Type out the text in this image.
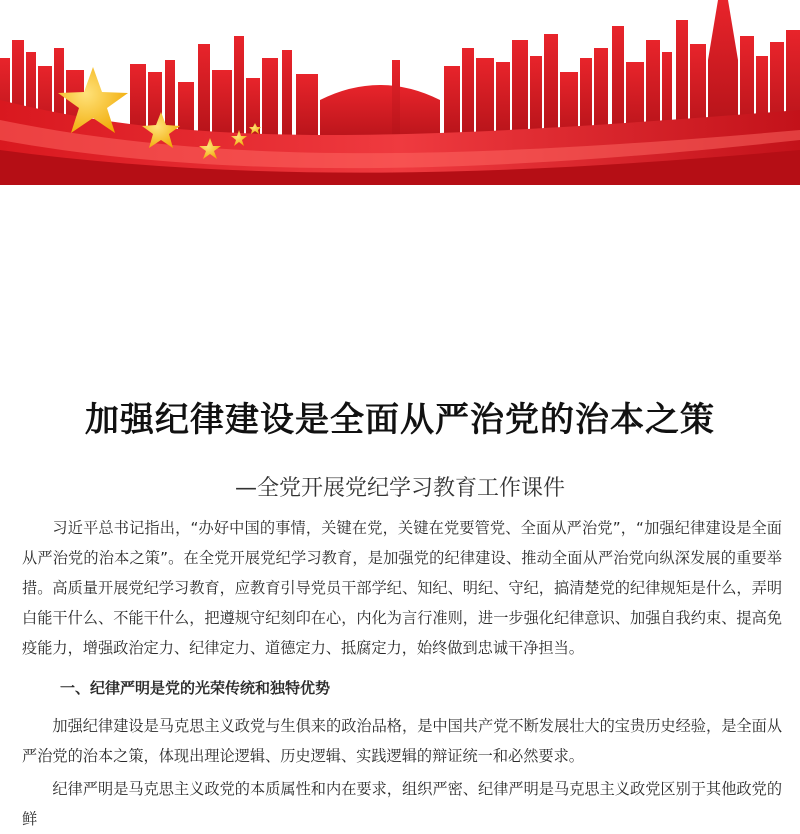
加强纪律建设是全面从严治党的治本之策
—全党开展党纪学习教育工作课件

习近平总书记指出，“办好中国的事情，关键在党，关键在党要管党、全面从严治党”，“加强纪律建设是全面从严治党的治本之策”。在全党开展党纪学习教育，是加强党的纪律建设、推动全面从严治党向纵深发展的重要举措。高质量开展党纪学习教育，应教育引导党员干部学纪、知纪、明纪、守纪，搞清楚党的纪律规矩是什么，弄明白能干什么、不能干什么，把遵规守纪刻印在心，内化为言行准则，进一步强化纪律意识、加强自我约束、提高免疫能力，增强政治定力、纪律定力、道德定力、抵腐定力，始终做到忠诚干净担当。

一、纪律严明是党的光荣传统和独特优势

加强纪律建设是马克思主义政党与生俱来的政治品格，是中国共产党不断发展壮大的宝贵历史经验，是全面从严治党的治本之策，体现出理论逻辑、历史逻辑、实践逻辑的辩证统一和必然要求。

纪律严明是马克思主义政党的本质属性和内在要求，组织严密、纪律严明是马克思主义政党区别于其他政党的鲜
